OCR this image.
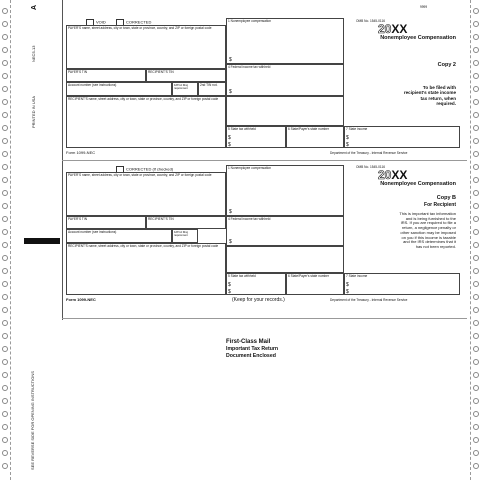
A
NEC5-13
PRINTED IN USA
SEE REVERSE SIDE FOR OPENING INSTRUCTIONS
9999
VOID	CORRECTED
PAYER'S name, street address, city or town, state or province, country, and ZIP or foreign postal code
1 Nonemployee compensation
$
OMB No. 1545-0116
20XX
Nonemployee Compensation
Copy 2
To be filed with recipient's state income tax return, when required.
PAYER'S TIN	RECIPIENT'S TIN
4 Federal income tax withheld
$
Account number (see instructions)	FATCA filing requirement
2nd TIN not.
RECIPIENT'S name, street address, city or town, state or province, country, and ZIP or foreign postal code
5 State tax withheld
$
$
6 State/Payer's state number	7 State income
$
$
Form 1099-NEC	Department of the Treasury - Internal Revenue Service
CORRECTED (if checked)
PAYER'S name, street address, city or town, state or province, country, and ZIP or foreign postal code
1 Nonemployee compensation
$
OMB No. 1545-0116
20XX
Nonemployee Compensation
Copy B
For Recipient
This is important tax information and is being furnished to the IRS. If you are required to file a return, a negligence penalty or other sanction may be imposed on you if this income is taxable and the IRS determines that it has not been reported.
PAYER'S TIN	RECIPIENT'S TIN	4 Federal income tax withheld
$
Account number (see instructions)	FATCA filing requirement
RECIPIENT'S name, street address, city or town, state or province, country, and ZIP or foreign postal code
5 State tax withheld
$
$
6 State/Payer's state number	7 State income
$
$
Form 1099-NEC	(Keep for your records.)	Department of the Treasury - Internal Revenue Service
First-Class Mail
Important Tax Return
Document Enclosed
